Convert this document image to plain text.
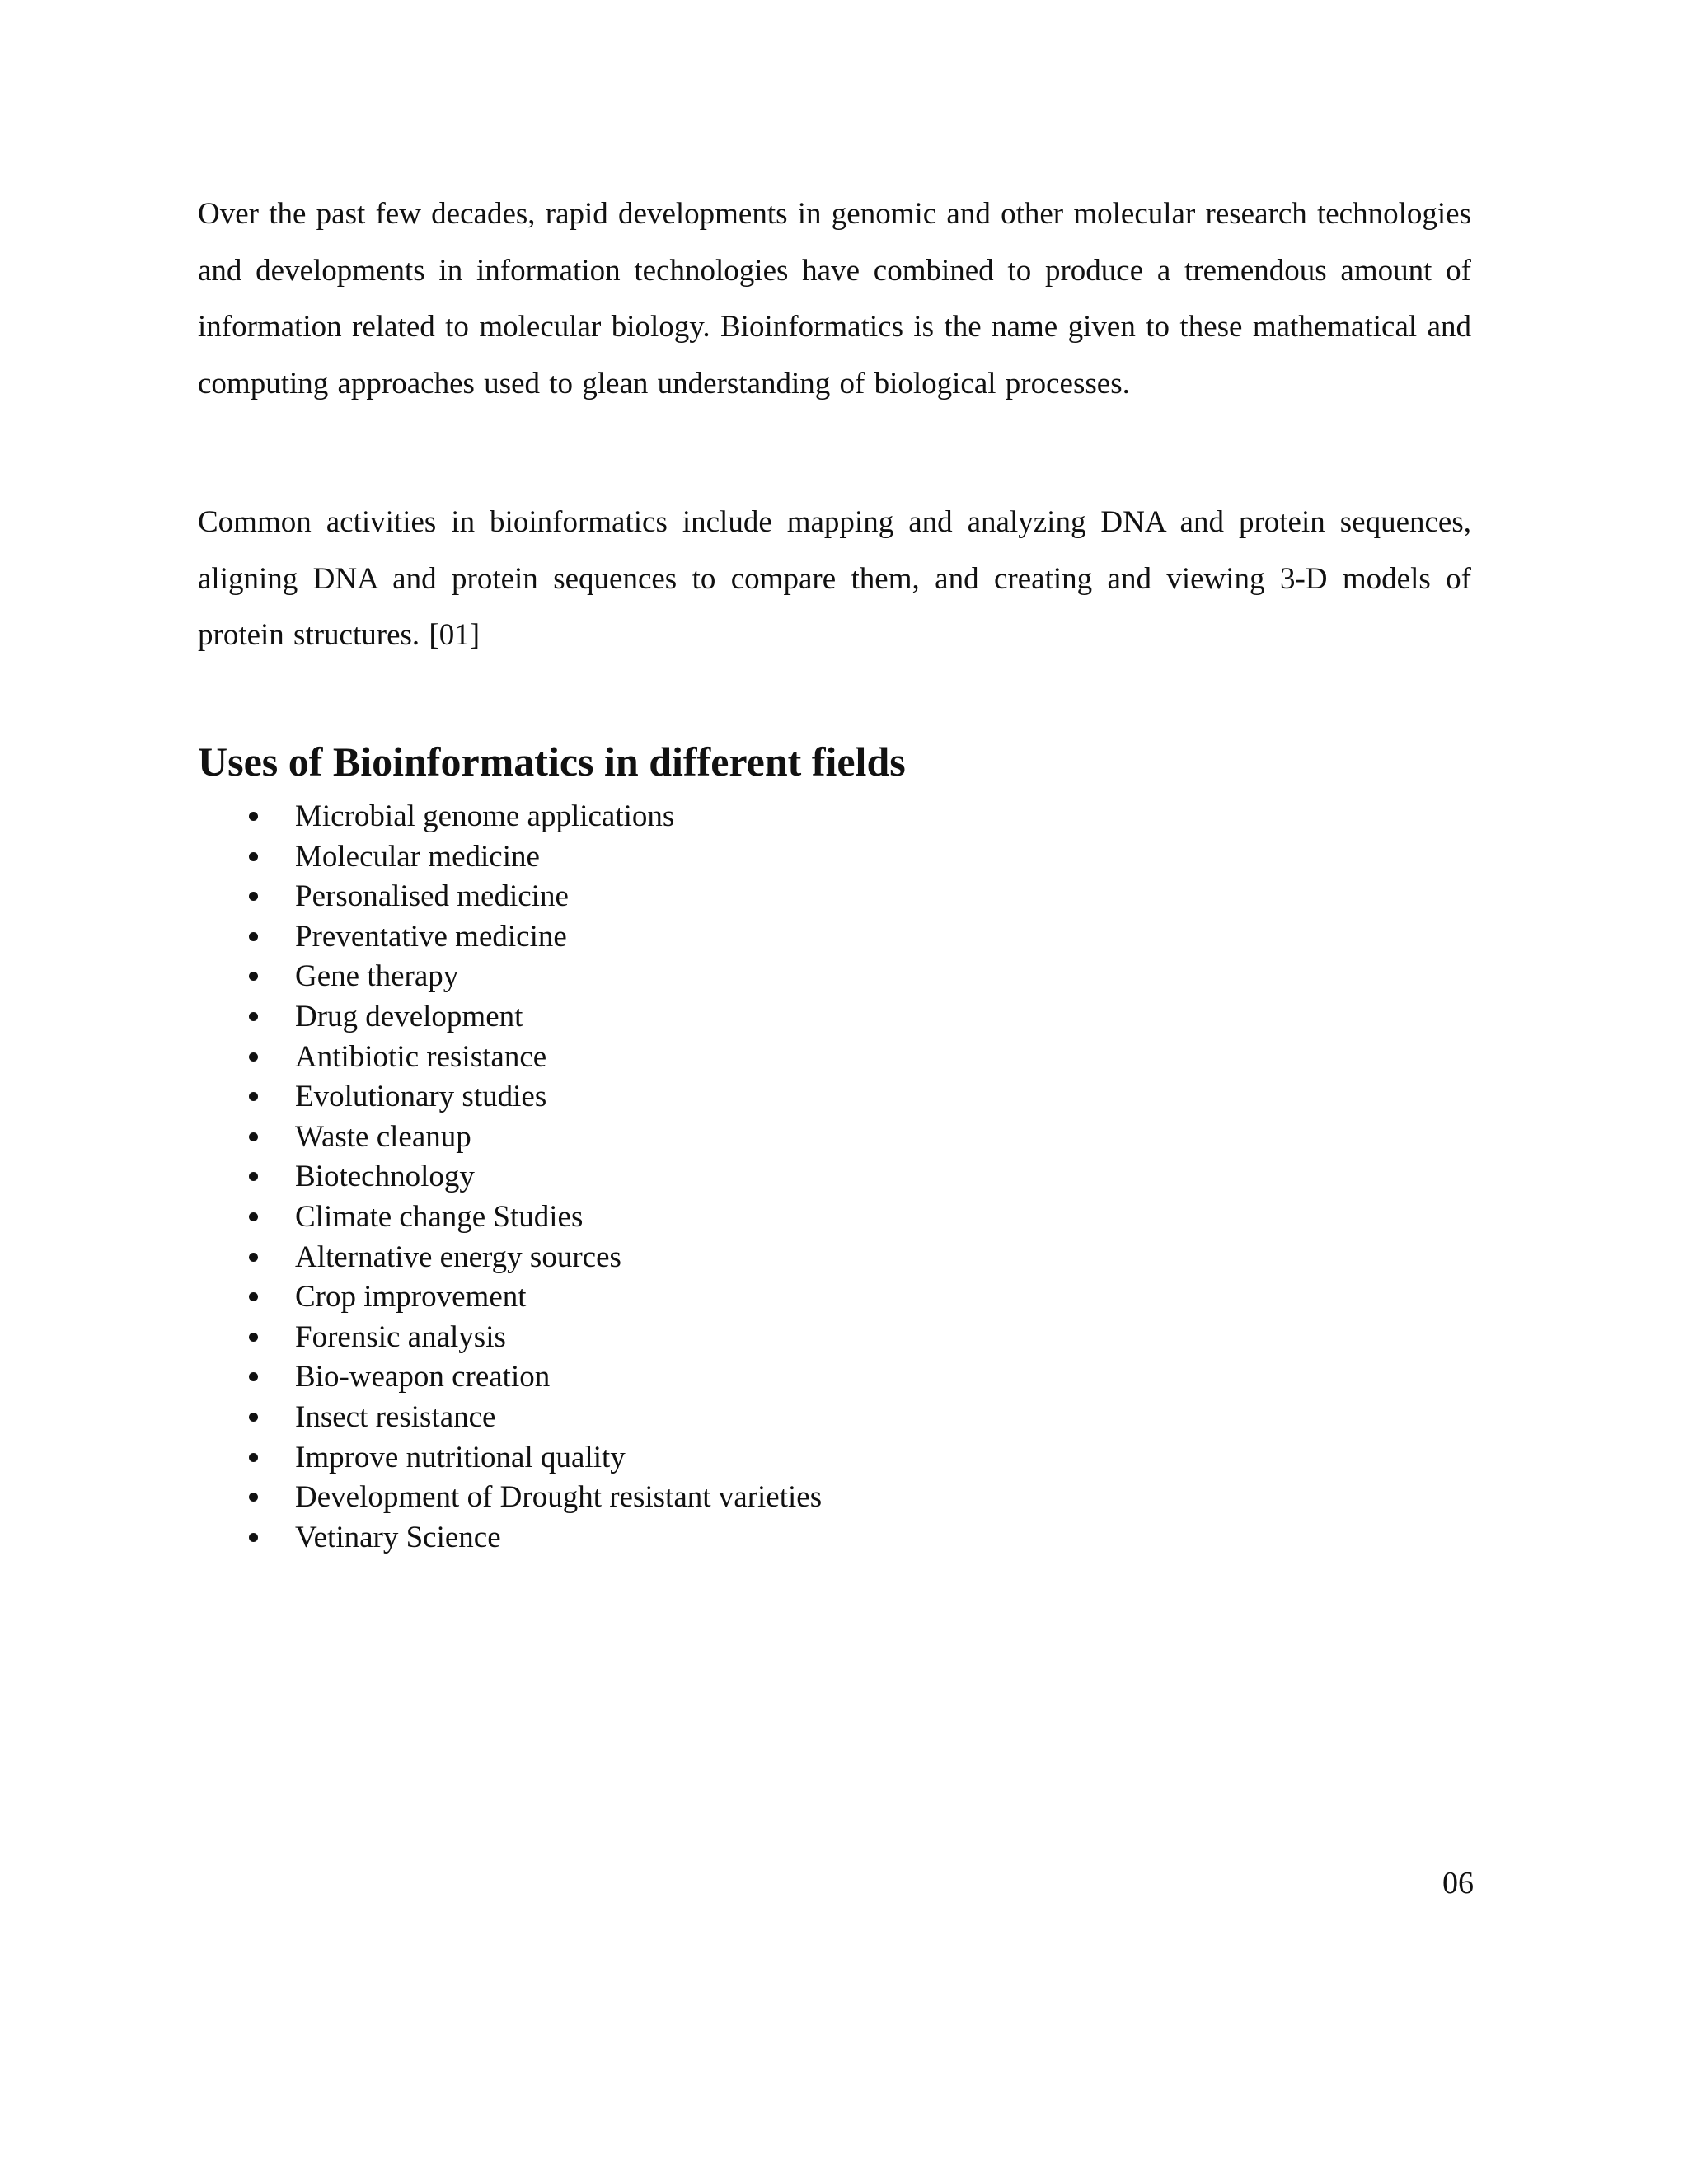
Over the past few decades, rapid developments in genomic and other molecular research technologies and developments in information technologies have combined to produce a tremendous amount of information related to molecular biology. Bioinformatics is the name given to these mathematical and computing approaches used to glean understanding of biological processes.

Common activities in bioinformatics include mapping and analyzing DNA and protein sequences, aligning DNA and protein sequences to compare them, and creating and viewing 3-D models of protein structures. [01]

Uses of Bioinformatics in different fields
Microbial genome applications
Molecular medicine
Personalised medicine
Preventative medicine
Gene therapy
Drug development
Antibiotic resistance
Evolutionary studies
Waste cleanup
Biotechnology
Climate change Studies
Alternative energy sources
Crop improvement
Forensic analysis
Bio-weapon creation
Insect resistance
Improve nutritional quality
Development of Drought resistant varieties
Vetinary Science

06
